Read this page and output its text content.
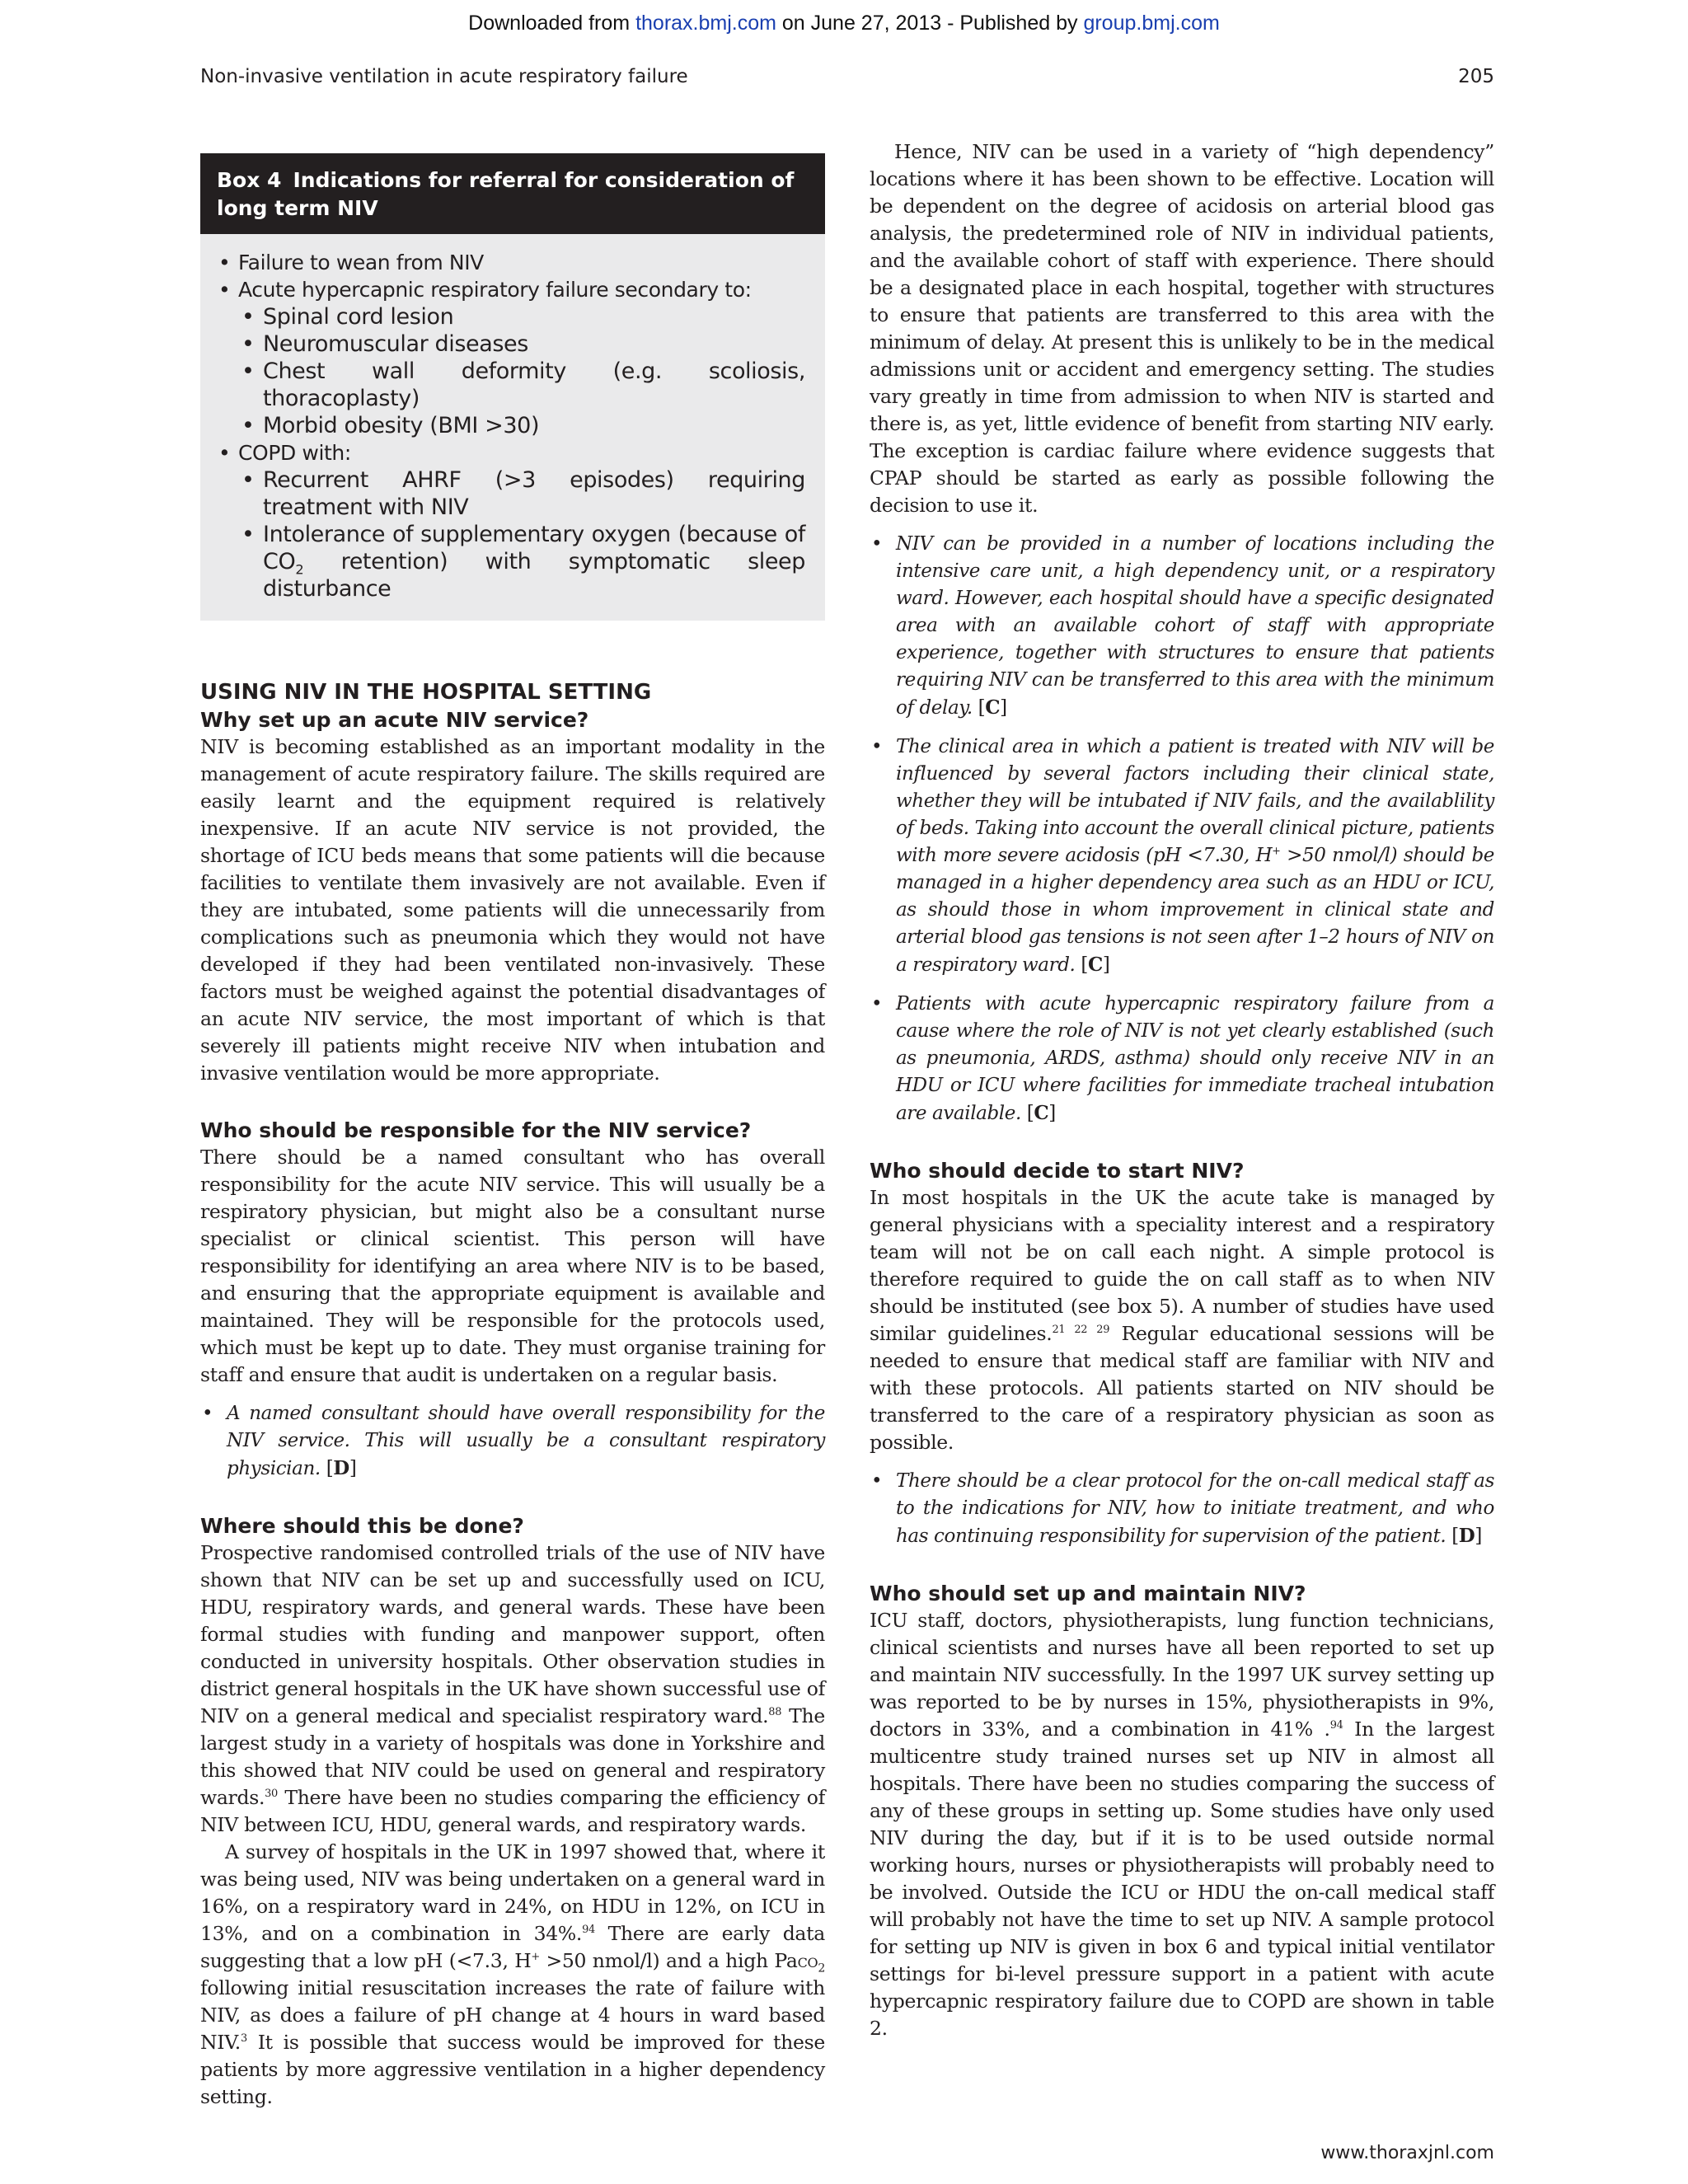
Downloaded from thorax.bmj.com on June 27, 2013 - Published by group.bmj.com
Non-invasive ventilation in acute respiratory failure	205
Box 4 Indications for referral for consideration of long term NIV
• Failure to wean from NIV
• Acute hypercapnic respiratory failure secondary to:
• Spinal cord lesion
• Neuromuscular diseases
• Chest wall deformity (e.g. scoliosis, thoracoplasty)
• Morbid obesity (BMI >30)
• COPD with:
• Recurrent AHRF (>3 episodes) requiring treatment with NIV
• Intolerance of supplementary oxygen (because of $CO_2$ retention) with symptomatic sleep disturbance
USING NIV IN THE HOSPITAL SETTING
Why set up an acute NIV service?

NIV is becoming established as an important modality in the management of acute respiratory failure. The skills required are easily learnt and the equipment required is relatively inexpensive. If an acute NIV service is not provided, the shortage of ICU beds means that some patients will die because facilities to ventilate them invasively are not available. Even if they are intubated, some patients will die unnecessarily from complications such as pneumonia which they would not have developed if they had been ventilated non-invasively. These factors must be weighed against the potential disadvantages of an acute NIV service, the most important of which is that severely ill patients might receive NIV when intubation and invasive ventilation would be more appropriate.

Who should be responsible for the NIV service?

There should be a named consultant who has overall responsibility for the acute NIV service. This will usually be a respiratory physician, but might also be a consultant nurse specialist or clinical scientist. This person will have responsibility for identifying an area where NIV is to be based, and ensuring that the appropriate equipment is available and maintained. They will be responsible for the protocols used, which must be kept up to date. They must organise training for staff and ensure that audit is undertaken on a regular basis.

• A named consultant should have overall responsibility for the NIV service. This will usually be a consultant respiratory physician. [D]
Where should this be done?

Prospective randomised controlled trials of the use of NIV have shown that NIV can be set up and successfully used on ICU, HDU, respiratory wards, and general wards. These have been formal studies with funding and manpower support, often conducted in university hospitals. Other observation studies in district general hospitals in the UK have shown successful use of NIV on a general medical and specialist respiratory ward.$^{88}$ The largest study in a variety of hospitals was done in Yorkshire and this showed that NIV could be used on general and respiratory wards.$^{30}$ There have been no studies comparing the efficiency of NIV between ICU, HDU, general wards, and respiratory wards.

A survey of hospitals in the UK in 1997 showed that, where it was being used, NIV was being undertaken on a general ward in 16%, on a respiratory ward in 24%, on HDU in 12%, on ICU in 13%, and on a combination in 34%.$^{94}$ There are early data suggesting that a low pH (<7.3, H+ >50 nmol/l) and a high Paco$_2$ following initial resuscitation increases the rate of failure with NIV, as does a failure of pH change at 4 hours in ward based NIV.$^3$ It is possible that success would be improved for these patients by more aggressive ventilation in a higher dependency setting.

Hence, NIV can be used in a variety of “high dependency” locations where it has been shown to be effective. Location will be dependent on the degree of acidosis on arterial blood gas analysis, the predetermined role of NIV in individual patients, and the available cohort of staff with experience. There should be a designated place in each hospital, together with structures to ensure that patients are transferred to this area with the minimum of delay. At present this is unlikely to be in the medical admissions unit or accident and emergency setting. The studies vary greatly in time from admission to when NIV is started and there is, as yet, little evidence of benefit from starting NIV early. The exception is cardiac failure where evidence suggests that CPAP should be started as early as possible following the decision to use it.

• NIV can be provided in a number of locations including the intensive care unit, a high dependency unit, or a respiratory ward. However, each hospital should have a specific designated area with an available cohort of staff with appropriate experience, together with structures to ensure that patients requiring NIV can be transferred to this area with the minimum of delay. [C]
• The clinical area in which a patient is treated with NIV will be influenced by several factors including their clinical state, whether they will be intubated if NIV fails, and the availablility of beds. Taking into account the overall clinical picture, patients with more severe acidosis (pH <7.30, H+ >50 nmol/l) should be managed in a higher dependency area such as an HDU or ICU, as should those in whom improvement in clinical state and arterial blood gas tensions is not seen after 1–2 hours of NIV on a respiratory ward. [C]
• Patients with acute hypercapnic respiratory failure from a cause where the role of NIV is not yet clearly established (such as pneumonia, ARDS, asthma) should only receive NIV in an HDU or ICU where facilities for immediate tracheal intubation are available. [C]
Who should decide to start NIV?

In most hospitals in the UK the acute take is managed by general physicians with a speciality interest and a respiratory team will not be on call each night. A simple protocol is therefore required to guide the on call staff as to when NIV should be instituted (see box 5). A number of studies have used similar guidelines.$^{21 22 29}$ Regular educational sessions will be needed to ensure that medical staff are familiar with NIV and with these protocols. All patients started on NIV should be transferred to the care of a respiratory physician as soon as possible.

• There should be a clear protocol for the on-call medical staff as to the indications for NIV, how to initiate treatment, and who has continuing responsibility for supervision of the patient. [D]
Who should set up and maintain NIV?

ICU staff, doctors, physiotherapists, lung function technicians, clinical scientists and nurses have all been reported to set up and maintain NIV successfully. In the 1997 UK survey setting up was reported to be by nurses in 15%, physiotherapists in 9%, doctors in 33%, and a combination in 41% .$^{94}$ In the largest multicentre study trained nurses set up NIV in almost all hospitals. There have been no studies comparing the success of any of these groups in setting up. Some studies have only used NIV during the day, but if it is to be used outside normal working hours, nurses or physiotherapists will probably need to be involved. Outside the ICU or HDU the on-call medical staff will probably not have the time to set up NIV. A sample protocol for setting up NIV is given in box 6 and typical initial ventilator settings for bi-level pressure support in a patient with acute hypercapnic respiratory failure due to COPD are shown in table 2.

www.thoraxjnl.com
